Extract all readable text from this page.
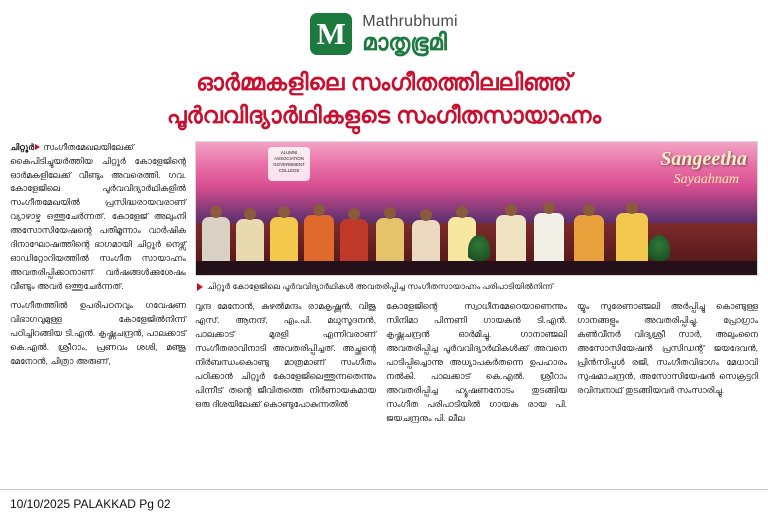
M	Mathrubhumi
മാതൃഭൂമി
ഓർമ്മകളിലെ സംഗീതത്തിലലിഞ്ഞ്
പൂർവവിദ്യാർഥികളുടെ സംഗീതസായാഹ്നം

ചിറ്റൂർ സംഗീതമേഖലയിലേക്ക് കൈപിടിച്ചുയർത്തിയ ചിറ്റൂർ കോളേജിന്റെ ഓർമകളിലേക്ക് വീണ്ടും അവരെത്തി. ഗവ. കോളേജിലെ പൂർവവിദ്യാർഥികളിൽ സംഗീതമേഖയിൽ പ്രസിദ്ധരായവരാണ് വ്യാഴാഴ്ച ഒത്തുചേർന്നത്. കോളേജ് അലുംനി അസോസിയേഷന്റെ പതിമൂന്നാം വാർഷിക ദിനാഘോഷത്തിന്റെ ഭാഗമായി ചിറ്റൂർ നെഴ്സ് ഓഡിറ്റോറിയത്തിൽ സംഗീത സായാഹ്നം അവതരിപ്പിക്കാനാണ് വർഷങ്ങൾക്കുശേഷം വീണ്ടും അവർ ഒത്തുചേർന്നത്.

സംഗീതത്തിൽ ഉപരിപഠനവും ഗവേഷണ വിഭാഗവുമുള്ള കോളേജിൽനിന്ന് പഠിച്ചിറങ്ങിയ ടി.എൻ. കൃഷ്ണചന്ദ്രൻ, പാലക്കാട് കെ.എൽ. ശ്രീറാം, പ്രണവം ശശി, മഞ്ജു മേനോൻ, ചിത്രാ അരുണ്,

Sangeetha
Sayaahnam
ALUMNI ASSOCIATION GOVERNMENT COLLEGE
ചിറ്റൂർ കോളേജിലെ പൂർവവിദ്യാർഥികൾ അവതരിപ്പിച്ച സംഗീതസായാഹ്നം പരിപാടിയിൽനിന്ന്

വൃന്ദ മേനോൻ, കുഴൽമന്ദം രാമകൃഷ്ണൻ, വിജു എസ്. ആനന്ദ്, എം.പി. മധുസൂദനൻ, പാലക്കാട് മുരളി എന്നിവരാണ് സംഗീതരാവിനാടി അവതരിപ്പിച്ചത്. അച്ഛന്റെ നിർബന്ധംകൊണ്ടു മാത്രമാണ് സംഗീതം പഠിക്കാൻ ചിറ്റൂർ കോളേജിലെത്തുന്നതെന്നും പിന്നീട് തന്റെ ജീവിതത്തെ നിർണായകമായ ഒരു ദിശയിലേക്ക് കൊണ്ടുപോകുന്നതിൽ

കോളേജിന്റെ സ്വാധീനമേറെയാണെന്നും സിനിമാ പിന്നണി ഗായകൻ ടി.എൻ. കൃഷ്ണചന്ദ്രൻ ഓർമിച്ചു. ഗാനാഞ്ജലി അവതരിപ്പിച്ച പൂർവവിദ്യാർഥികൾക്ക് അവനെ പാടിപ്പിച്ചൊന്നു അധ്യാപകർതന്നെ ഉപഹാരം നൽകി. പാലക്കാട് കെ.എൽ. ശ്രീറാം അവതരിപ്പിച്ച ഹ്യൂഷണനോടം തുടങ്ങിയ സംഗീത പരിപാടിയിൽ ഗായക രായ പി. ജയചന്ദ്രനും പി. ലീല

യ്യും സുരേണാഞ്ജലി അർപ്പിച്ചു കൊണ്ടുള്ള ഗാനങ്ങളും അവതരിപ്പിച്ചു. പ്രോഗ്രാം കൺവീനർ വിദ്യശ്രീ സാർ, അലുംനൈ അസോസിയേഷൻ പ്രസിഡന്റ് ജയദേവൻ, പ്രിൻസിപ്പൾ രജി, സംഗീതവിഭാഗം മേധാവി സുഷമാചന്ദ്രൻ, അസോസിയേഷൻ സെക്രട്ടറി രവിമ്പനാഥ് തുടങ്ങിയവർ സംസാരിച്ചു.

10/10/2025 PALAKKAD Pg 02
